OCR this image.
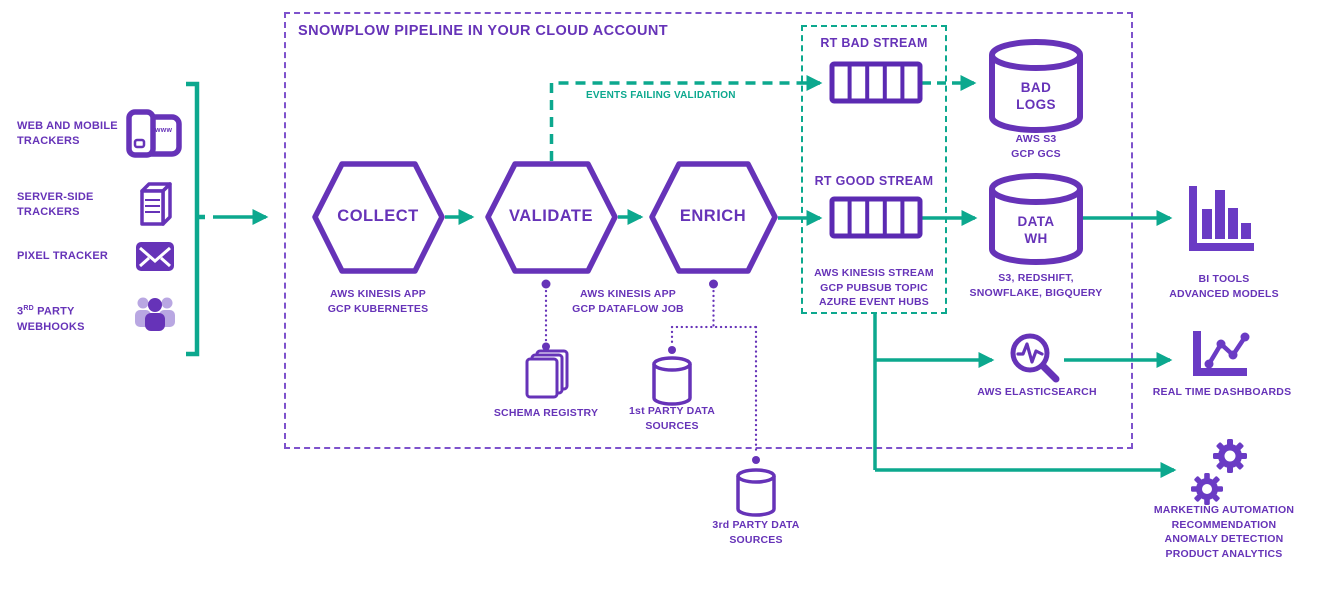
SNOWPLOW PIPELINE IN YOUR CLOUD ACCOUNT
WEB AND MOBILE
TRACKERS
www
SERVER-SIDE
TRACKERS
PIXEL TRACKER
3RD PARTY
WEBHOOKS
COLLECT	VALIDATE	ENRICH
AWS KINESIS APP
GCP KUBERNETES
AWS KINESIS APP
GCP DATAFLOW JOB
EVENTS FAILING VALIDATION
RT BAD STREAM
RT GOOD STREAM
AWS KINESIS STREAM
GCP PUBSUB TOPIC
AZURE EVENT HUBS
BAD
LOGS
AWS S3
GCP GCS
DATA
WH
S3, REDSHIFT,
SNOWFLAKE, BIGQUERY
BI TOOLS
ADVANCED MODELS
AWS ELASTICSEARCH	REAL TIME DASHBOARDS
MARKETING AUTOMATION
RECOMMENDATION
ANOMALY DETECTION
PRODUCT ANALYTICS
SCHEMA REGISTRY	1st PARTY DATA
SOURCES
3rd PARTY DATA
SOURCES
